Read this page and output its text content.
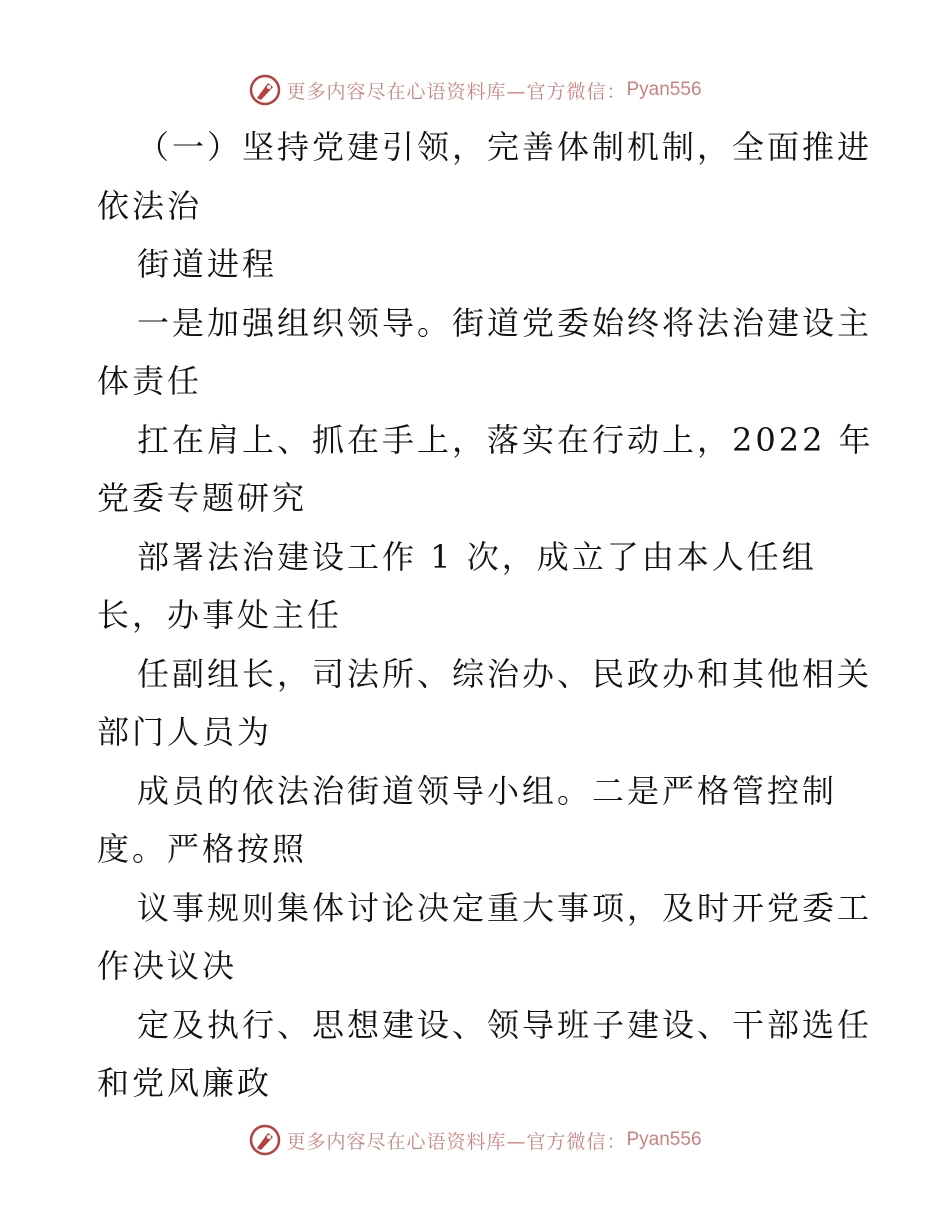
更多内容尽在心语资料库—官方微信： Pyan556
（一）坚持党建引领，完善体制机制，全面推进
依法治
街道进程
一是加强组织领导。街道党委始终将法治建设主
体责任
扛在肩上、抓在手上，落实在行动上，2022 年
党委专题研究
部署法治建设工作 1 次，成立了由本人任组
长，办事处主任
任副组长，司法所、综治办、民政办和其他相关
部门人员为
成员的依法治街道领导小组。二是严格管控制
度。严格按照
议事规则集体讨论决定重大事项，及时开党委工
作决议决
定及执行、思想建设、领导班子建设、干部选任
和党风廉政
更多内容尽在心语资料库—官方微信： Pyan556
